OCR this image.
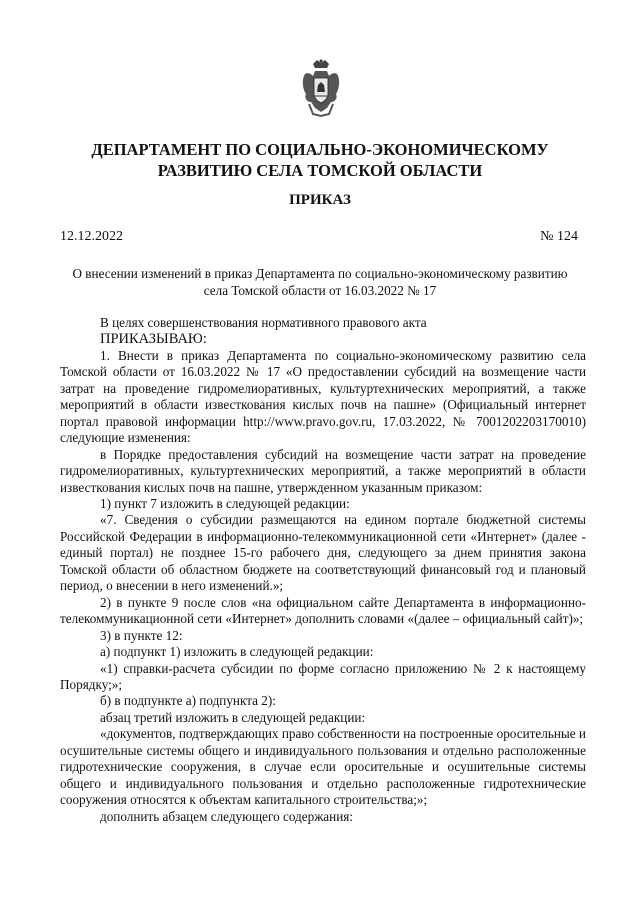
ДЕПАРТАМЕНТ ПО СОЦИАЛЬНО-ЭКОНОМИЧЕСКОМУ РАЗВИТИЮ СЕЛА ТОМСКОЙ ОБЛАСТИ
ПРИКАЗ
12.12.2022	№ 124
О внесении изменений в приказ Департамента по социально-экономическому развитию села Томской области от 16.03.2022 № 17

В целях совершенствования нормативного правового акта

ПРИКАЗЫВАЮ:

1. Внести в приказ Департамента по социально-экономическому развитию села Томской области от 16.03.2022 № 17 «О предоставлении субсидий на возмещение части затрат на проведение гидромелиоративных, культуртехнических мероприятий, а также мероприятий в области известкования кислых почв на пашне» (Официальный интернет портал правовой информации http://www.pravo.gov.ru, 17.03.2022, № 7001202203170010) следующие изменения:

в Порядке предоставления субсидий на возмещение части затрат на проведение гидромелиоративных, культуртехнических мероприятий, а также мероприятий в области известкования кислых почв на пашне, утвержденном указанным приказом:

1) пункт 7 изложить в следующей редакции:

«7. Сведения о субсидии размещаются на едином портале бюджетной системы Российской Федерации в информационно-телекоммуникационной сети «Интернет» (далее - единый портал) не позднее 15-го рабочего дня, следующего за днем принятия закона Томской области об областном бюджете на соответствующий финансовый год и плановый период, о внесении в него изменений.»;

2) в пункте 9 после слов «на официальном сайте Департамента в информационно-телекоммуникационной сети «Интернет» дополнить словами «(далее – официальный сайт)»;

3) в пункте 12:

а) подпункт 1) изложить в следующей редакции:

«1) справки-расчета субсидии по форме согласно приложению № 2 к настоящему Порядку;»;

б) в подпункте а) подпункта 2):

абзац третий изложить в следующей редакции:

«документов, подтверждающих право собственности на построенные оросительные и осушительные системы общего и индивидуального пользования и отдельно расположенные гидротехнические сооружения, в случае если оросительные и осушительные системы общего и индивидуального пользования и отдельно расположенные гидротехнические сооружения относятся к объектам капитального строительства;»;

дополнить абзацем следующего содержания:
